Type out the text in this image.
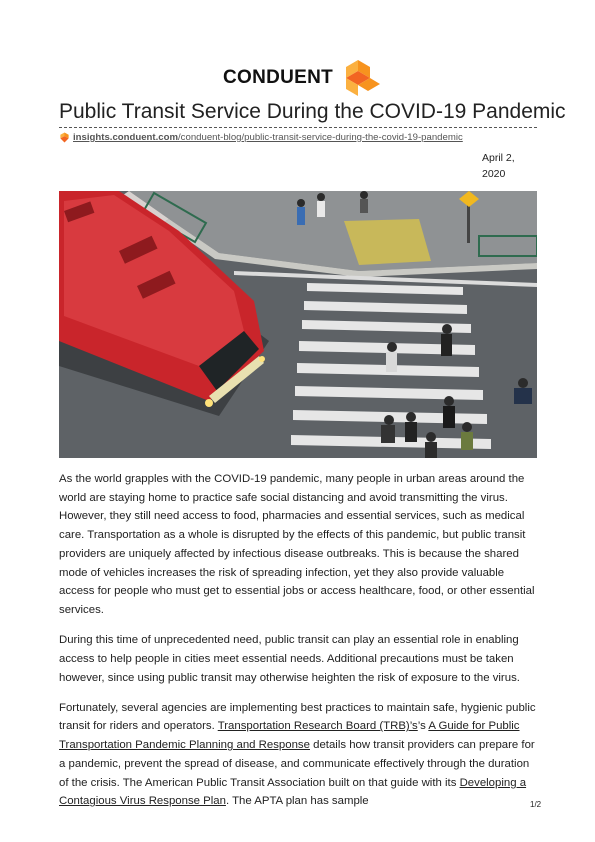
CONDUENT
Public Transit Service During the COVID-19 Pandemic
insights.conduent.com/conduent-blog/public-transit-service-during-the-covid-19-pandemic
April 2,
2020

As the world grapples with the COVID-19 pandemic, many people in urban areas around the world are staying home to practice safe social distancing and avoid transmitting the virus. However, they still need access to food, pharmacies and essential services, such as medical care. Transportation as a whole is disrupted by the effects of this pandemic, but public transit providers are uniquely affected by infectious disease outbreaks. This is because the shared mode of vehicles increases the risk of spreading infection, yet they also provide valuable access for people who must get to essential jobs or access healthcare, food, or other essential services.

During this time of unprecedented need, public transit can play an essential role in enabling access to help people in cities meet essential needs. Additional precautions must be taken however, since using public transit may otherwise heighten the risk of exposure to the virus.

Fortunately, several agencies are implementing best practices to maintain safe, hygienic public transit for riders and operators. Transportation Research Board (TRB)’s’s A Guide for Public Transportation Pandemic Planning and Response details how transit providers can prepare for a pandemic, prevent the spread of disease, and communicate effectively through the duration of the crisis. The American Public Transit Association built on that guide with its Developing a Contagious Virus Response Plan. The APTA plan has sample	1/2
